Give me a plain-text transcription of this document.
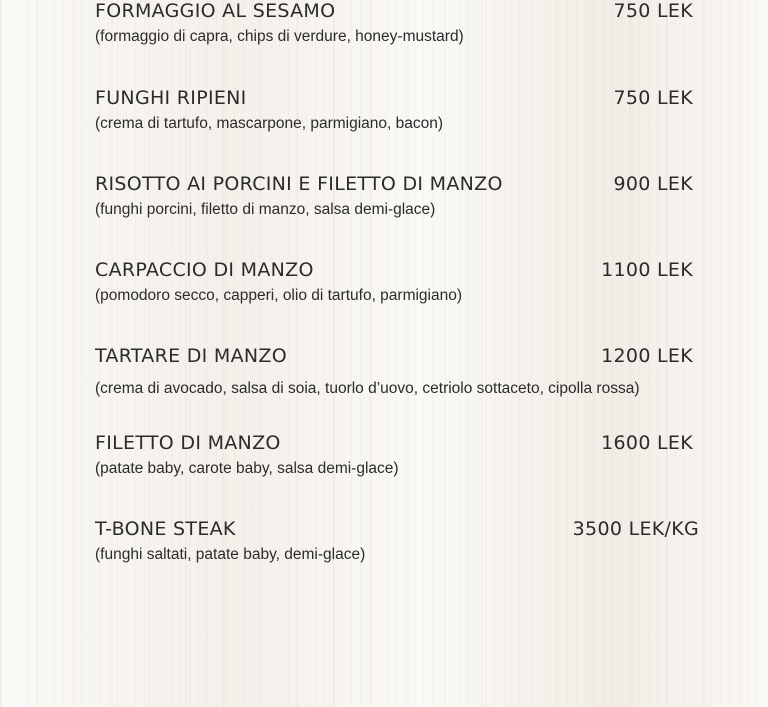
FORMAGGIO AL SESAMO	750 LEK
(formaggio di capra, chips di verdure, honey-mustard)
FUNGHI RIPIENI	750 LEK
(crema di tartufo, mascarpone, parmigiano, bacon)
RISOTTO AI PORCINI E FILETTO DI MANZO	900 LEK
(funghi porcini, filetto di manzo, salsa demi-glace)
CARPACCIO DI MANZO	1100 LEK
(pomodoro secco, capperi, olio di tartufo, parmigiano)
TARTARE DI MANZO	1200 LEK
(crema di avocado, salsa di soia, tuorlo d’uovo, cetriolo sottaceto, cipolla rossa)
FILETTO DI MANZO	1600 LEK
(patate baby, carote baby, salsa demi-glace)
T-BONE STEAK	3500 LEK/KG
(funghi saltati, patate baby, demi-glace)
